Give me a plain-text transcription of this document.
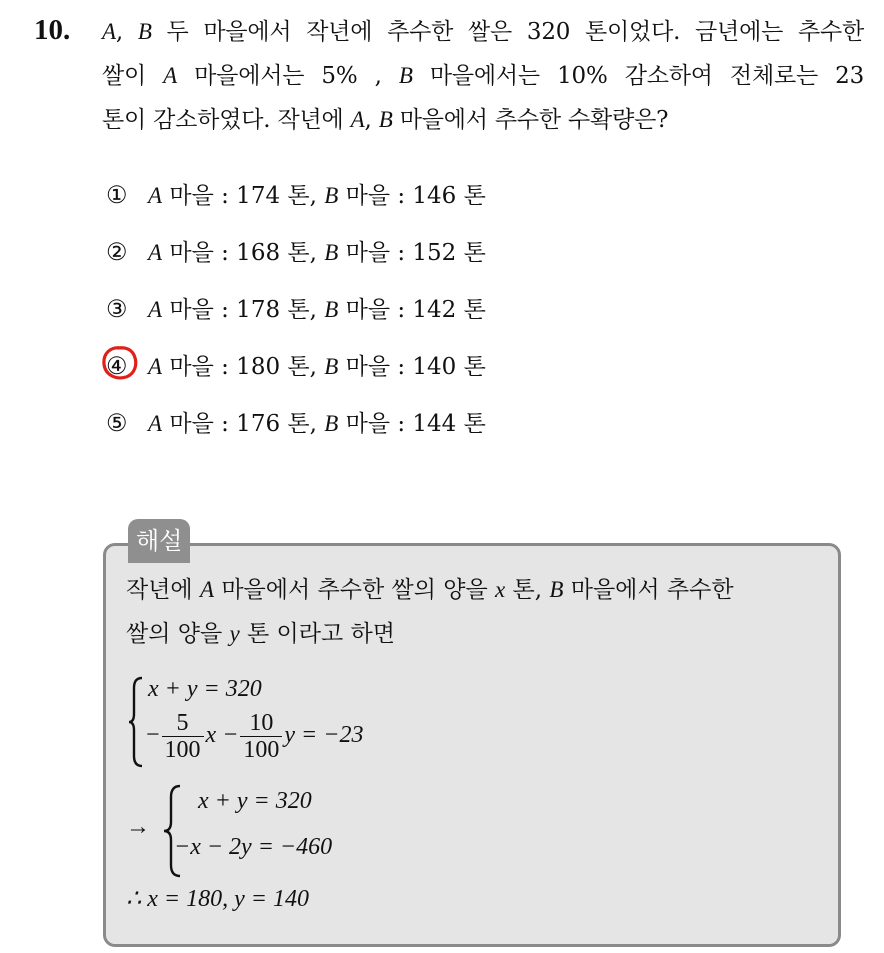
10. A, B 두 마을에서 작년에 추수한 쌀은 320 톤이었다. 금년에는 추수한
쌀이 A 마을에서는 5% , B 마을에서는 10% 감소하여 전체로는 23
톤이 감소하였다. 작년에 A, B 마을에서 추수한 수확량은?
① A 마을 : 174 톤, B 마을 : 146 톤
② A 마을 : 168 톤, B 마을 : 152 톤
③ A 마을 : 178 톤, B 마을 : 142 톤
④ A 마을 : 180 톤, B 마을 : 140 톤
⑤ A 마을 : 176 톤, B 마을 : 144 톤
해설
작년에 A 마을에서 추수한 쌀의 양을 x 톤, B 마을에서 추수한
쌀의 양을 y 톤 이라고 하면
x + y = 320
− $\frac{5}{100}$ $x - \frac{10}{100}$ y = −23
→
x + y = 320
−x − 2y = −460
∴ x = 180, y = 140
